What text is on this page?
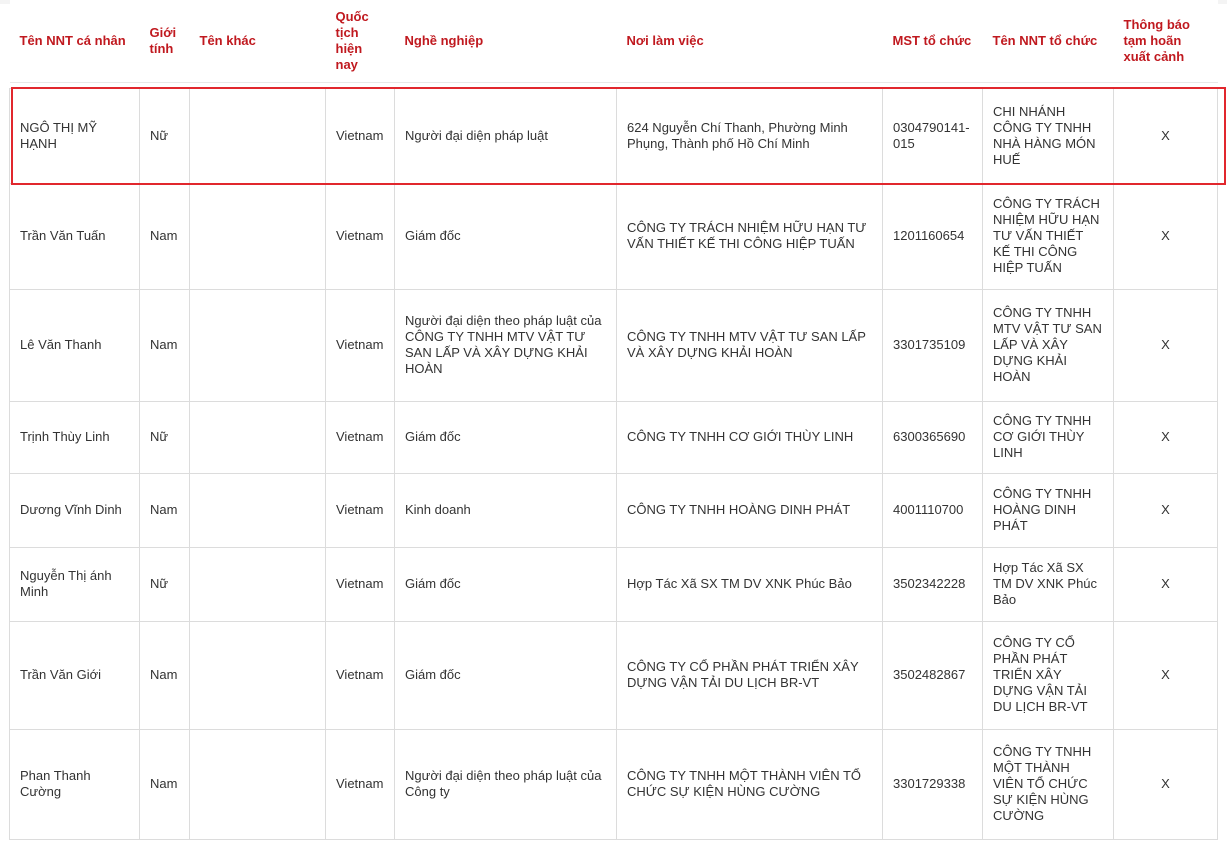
Tên NNT cá nhân	Giới tính	Tên khác	Quốc tịch hiện nay	Nghề nghiệp	Nơi làm việc	MST tổ chức	Tên NNT tổ chức	Thông báo tạm hoãn xuất cảnh

NGÔ THỊ MỸ HẠNH	Nữ		Vietnam	Người đại diện pháp luật	624 Nguyễn Chí Thanh, Phường Minh Phụng, Thành phố Hồ Chí Minh	0304790141-015	CHI NHÁNH CÔNG TY TNHH NHÀ HÀNG MÓN HUẾ	X
Trần Văn Tuấn	Nam		Vietnam	Giám đốc	CÔNG TY TRÁCH NHIỆM HỮU HẠN TƯ VẤN THIẾT KẾ THI CÔNG HIỆP TUẤN	1201160654	CÔNG TY TRÁCH NHIỆM HỮU HẠN TƯ VẤN THIẾT KẾ THI CÔNG HIỆP TUẤN	X
Lê Văn Thanh	Nam		Vietnam	Người đại diện theo pháp luật của CÔNG TY TNHH MTV VẬT TƯ SAN LẤP VÀ XÂY DỰNG KHẢI HOÀN	CÔNG TY TNHH MTV VẬT TƯ SAN LẤP VÀ XÂY DỰNG KHẢI HOÀN	3301735109	CÔNG TY TNHH MTV VẬT TƯ SAN LẤP VÀ XÂY DỰNG KHẢI HOÀN	X
Trịnh Thùy Linh	Nữ		Vietnam	Giám đốc	CÔNG TY TNHH CƠ GIỚI THÙY LINH	6300365690	CÔNG TY TNHH CƠ GIỚI THÙY LINH	X
Dương Vĩnh Dinh	Nam		Vietnam	Kinh doanh	CÔNG TY TNHH HOÀNG DINH PHÁT	4001110700	CÔNG TY TNHH HOÀNG DINH PHÁT	X
Nguyễn Thị ánh Minh	Nữ		Vietnam	Giám đốc	Hợp Tác Xã SX TM DV XNK Phúc Bảo	3502342228	Hợp Tác Xã SX TM DV XNK Phúc Bảo	X
Trần Văn Giới	Nam		Vietnam	Giám đốc	CÔNG TY CỔ PHẦN PHÁT TRIỂN XÂY DỰNG VẬN TẢI DU LỊCH BR-VT	3502482867	CÔNG TY CỔ PHẦN PHÁT TRIỂN XÂY DỰNG VẬN TẢI DU LỊCH BR-VT	X
Phan Thanh Cường	Nam		Vietnam	Người đại diện theo pháp luật của Công ty	CÔNG TY TNHH MỘT THÀNH VIÊN TỔ CHỨC SỰ KIỆN HÙNG CƯỜNG	3301729338	CÔNG TY TNHH MỘT THÀNH VIÊN TỔ CHỨC SỰ KIỆN HÙNG CƯỜNG	X
